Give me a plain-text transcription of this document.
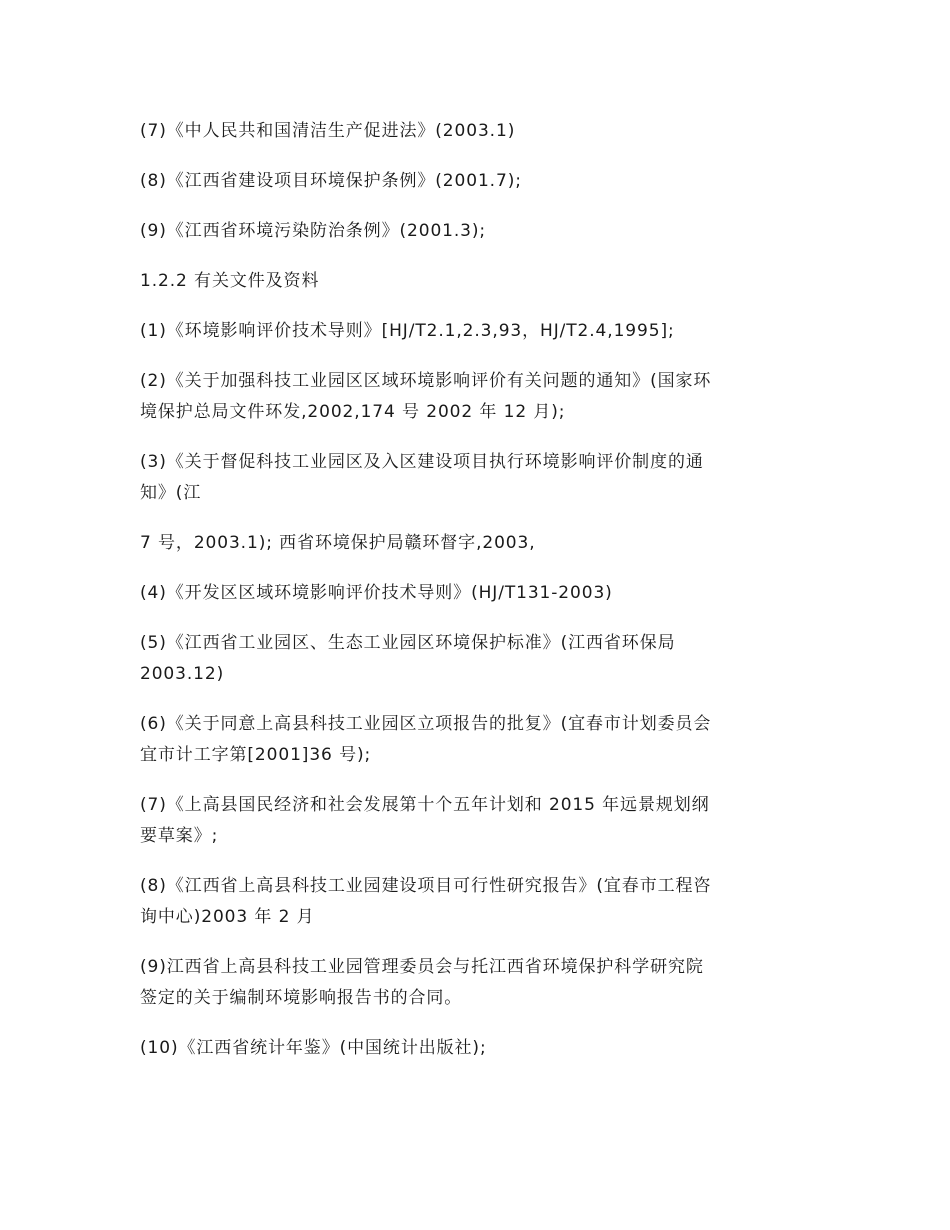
(7)《中人民共和国清洁生产促进法》(2003.1)

(8)《江西省建设项目环境保护条例》(2001.7);

(9)《江西省环境污染防治条例》(2001.3);

1.2.2 有关文件及资料

(1)《环境影响评价技术导则》[HJ/T2.1,2.3,93，HJ/T2.4,1995];

(2)《关于加强科技工业园区区域环境影响评价有关问题的通知》(国家环
境保护总局文件环发,2002,174 号 2002 年 12 月);

(3)《关于督促科技工业园区及入区建设项目执行环境影响评价制度的通
知》(江

7 号，2003.1); 西省环境保护局赣环督字,2003,

(4)《开发区区域环境影响评价技术导则》(HJ/T131-2003)

(5)《江西省工业园区、生态工业园区环境保护标准》(江西省环保局
2003.12)

(6)《关于同意上高县科技工业园区立项报告的批复》(宜春市计划委员会
宜市计工字第[2001]36 号);

(7)《上高县国民经济和社会发展第十个五年计划和 2015 年远景规划纲
要草案》;

(8)《江西省上高县科技工业园建设项目可行性研究报告》(宜春市工程咨
询中心)2003 年 2 月

(9)江西省上高县科技工业园管理委员会与托江西省环境保护科学研究院
签定的关于编制环境影响报告书的合同。

(10)《江西省统计年鉴》(中国统计出版社);
